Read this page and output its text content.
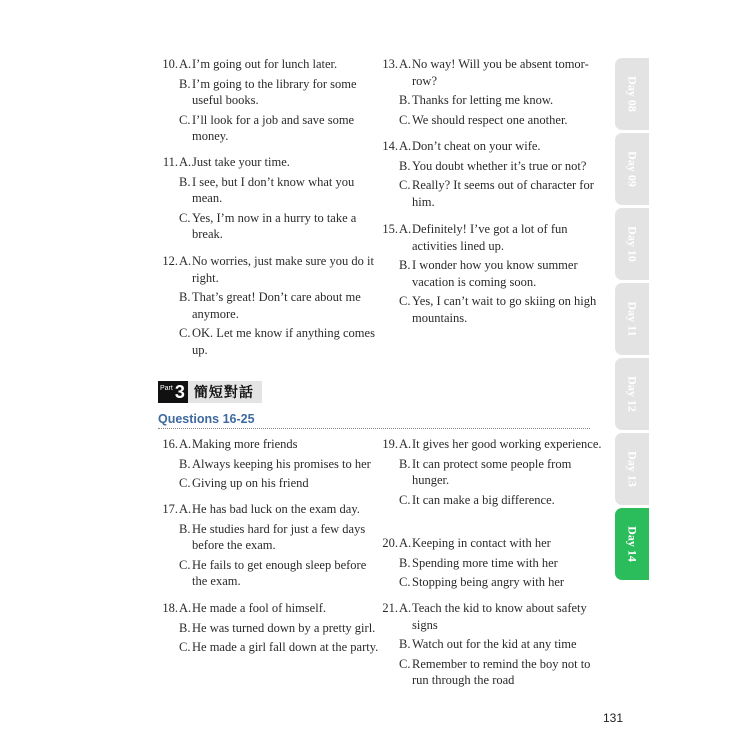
10. A. I’m going out for lunch later.
B. I’m going to the library for some useful books.
C. I’ll look for a job and save some money.
11. A. Just take your time.
B. I see, but I don’t know what you mean.
C. Yes, I’m now in a hurry to take a break.
12. A. No worries, just make sure you do it right.
B. That’s great! Don’t care about me anymore.
C. OK. Let me know if anything comes up.
13. A. No way! Will you be absent tomor-row?
B. Thanks for letting me know.
C. We should respect one another.
14. A. Don’t cheat on your wife.
B. You doubt whether it’s true or not?
C. Really? It seems out of character for him.
15. A. Definitely! I’ve got a lot of fun activities lined up.
B. I wonder how you know summer vacation is coming soon.
C. Yes, I can’t wait to go skiing on high mountains.
Part 3 簡短對話
Questions 16-25
16. A. Making more friends
B. Always keeping his promises to her
C. Giving up on his friend
17. A. He has bad luck on the exam day.
B. He studies hard for just a few days before the exam.
C. He fails to get enough sleep before the exam.
18. A. He made a fool of himself.
B. He was turned down by a pretty girl.
C. He made a girl fall down at the party.
19. A. It gives her good working experience.
B. It can protect some people from hunger.
C. It can make a big difference.
20. A. Keeping in contact with her
B. Spending more time with her
C. Stopping being angry with her
21. A. Teach the kid to know about safety signs
B. Watch out for the kid at any time
C. Remember to remind the boy not to run through the road
Day 08
Day 09
Day 10
Day 11
Day 12
Day 13
Day 14
131
